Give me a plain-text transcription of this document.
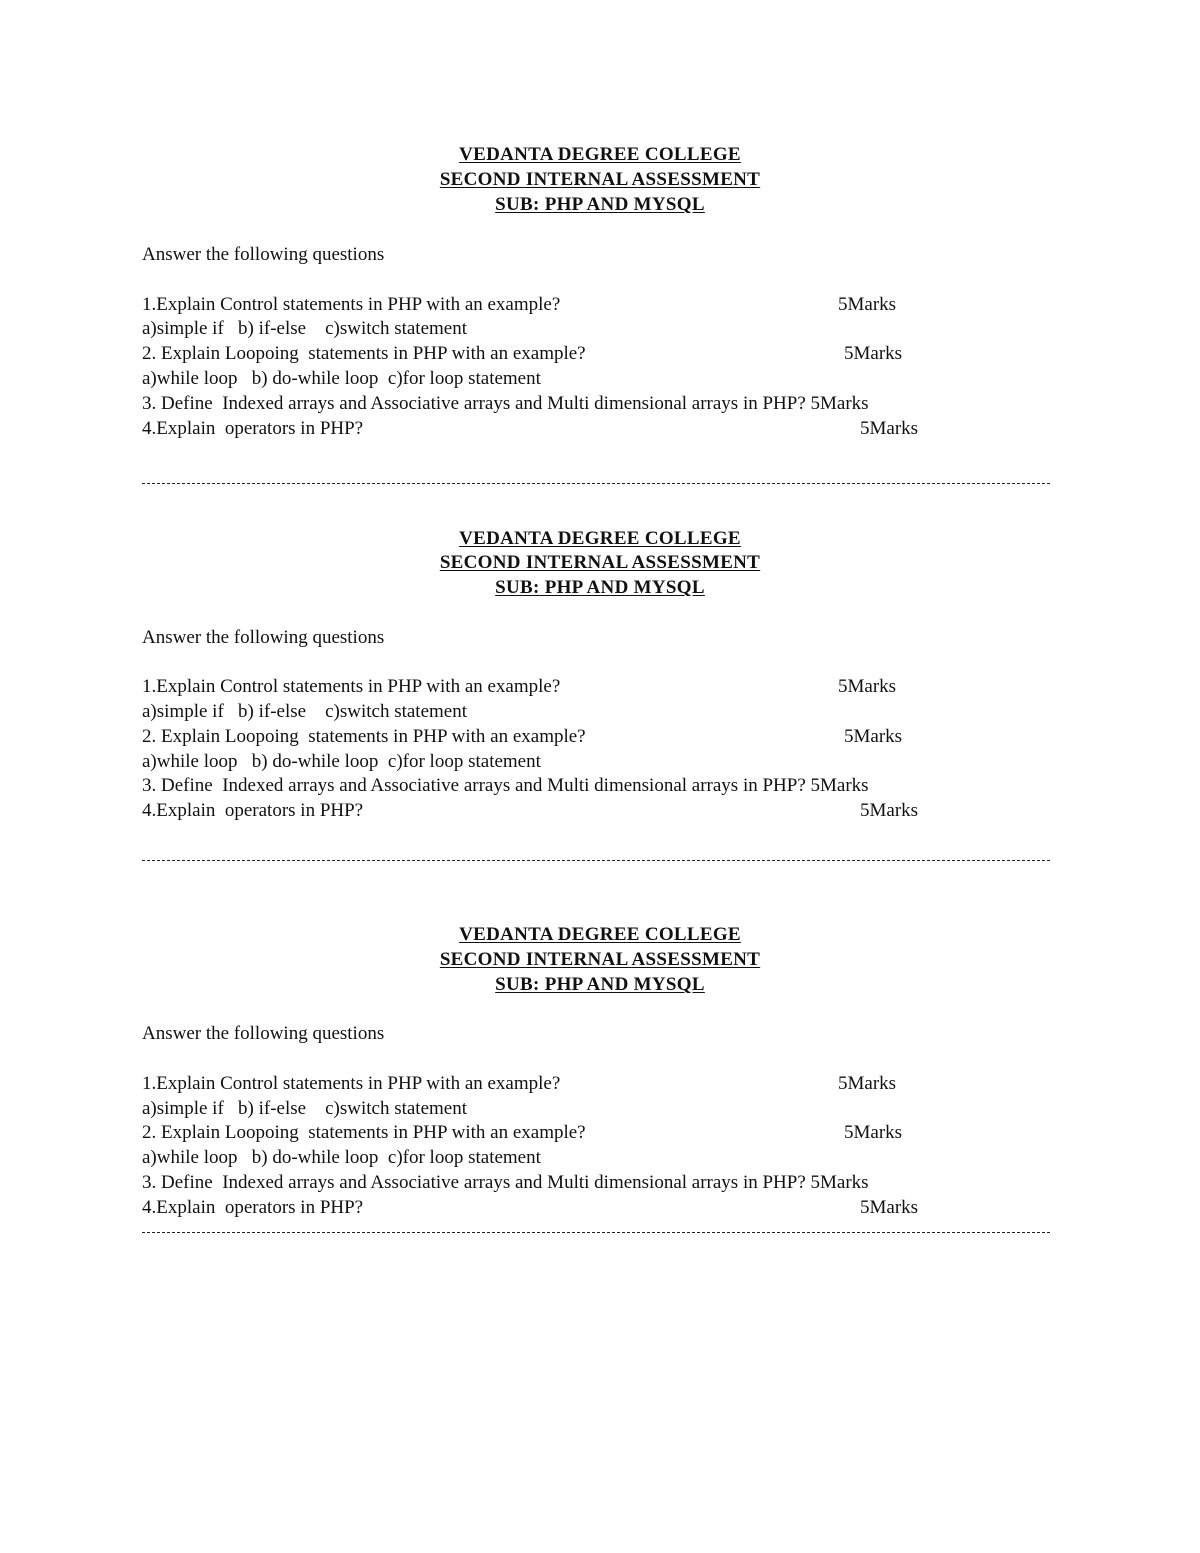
VEDANTA DEGREE COLLEGE
SECOND INTERNAL ASSESSMENT
SUB: PHP AND MYSQL
Answer the following questions
1.Explain Control statements in PHP with an example?	5Marks
a)simple if   b) if-else    c)switch statement
2. Explain Loopoing  statements in PHP with an example?	5Marks
a)while loop   b) do-while loop  c)for loop statement
3. Define  Indexed arrays and Associative arrays and Multi dimensional arrays in PHP? 5Marks
4.Explain  operators in PHP?	5Marks
VEDANTA DEGREE COLLEGE
SECOND INTERNAL ASSESSMENT
SUB: PHP AND MYSQL
Answer the following questions
1.Explain Control statements in PHP with an example?	5Marks
a)simple if   b) if-else    c)switch statement
2. Explain Loopoing  statements in PHP with an example?	5Marks
a)while loop   b) do-while loop  c)for loop statement
3. Define  Indexed arrays and Associative arrays and Multi dimensional arrays in PHP? 5Marks
4.Explain  operators in PHP?	5Marks
VEDANTA DEGREE COLLEGE
SECOND INTERNAL ASSESSMENT
SUB: PHP AND MYSQL
Answer the following questions
1.Explain Control statements in PHP with an example?	5Marks
a)simple if   b) if-else    c)switch statement
2. Explain Loopoing  statements in PHP with an example?	5Marks
a)while loop   b) do-while loop  c)for loop statement
3. Define  Indexed arrays and Associative arrays and Multi dimensional arrays in PHP? 5Marks
4.Explain  operators in PHP?	5Marks
